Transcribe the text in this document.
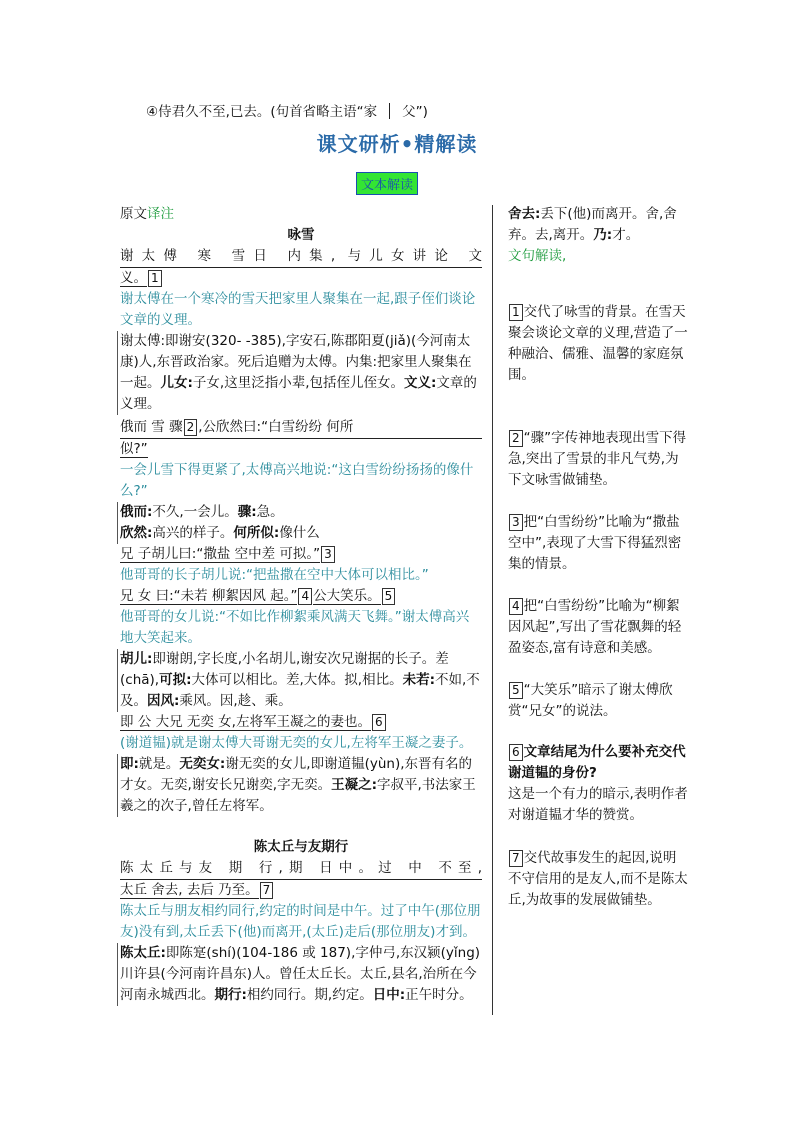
④侍君久不至,已去。(句首省略主语“家 父”)
课文研析•精解读
文本解读
原文译注
咏雪
谢太傅 寒 雪日 内集, 与儿女讲论 文
义。 1
谢太傅在一个寒冷的雪天把家里人聚集在一起,跟子侄们谈论文章的义理。
谢太傅:即谢安(320- -385),字安石,陈郡阳夏(jiǎ)(今河南太康)人,东晋政治家。死后追赠为太傅。内集:把家里人聚集在一起。儿女:子女,这里泛指小辈,包括侄儿侄女。文义:文章的义理。
俄而 雪 骤 2 ,公欣然曰:“白雪纷纷 何所
似?”
一会儿雪下得更紧了,太傅高兴地说:“这白雪纷纷扬扬的像什么?”
俄而:不久,一会儿。骤:急。
欣然:高兴的样子。何所似:像什么
兄 子胡儿曰:“撒盐 空中差 可拟。” 3
他哥哥的长子胡儿说:“把盐撒在空中大体可以相比。”
兄 女 曰:“未若 柳絮因风 起。” 4 公大笑乐。 5
他哥哥的女儿说:“不如比作柳絮乘风满天飞舞。”谢太傅高兴地大笑起来。
胡儿:即谢朗,字长度,小名胡儿,谢安次兄谢据的长子。差(chā),可拟:大体可以相比。差,大体。拟,相比。未若:不如,不及。因风:乘风。因,趁、乘。
即 公 大兄 无奕 女,左将军王凝之的妻也。 6
(谢道韫)就是谢太傅大哥谢无奕的女儿,左将军王凝之妻子。
即:就是。无奕女:谢无奕的女儿,即谢道韫(yùn),东晋有名的才女。无奕,谢安长兄谢奕,字无奕。王凝之:字叔平,书法家王羲之的次子,曾任左将军。
陈太丘与友期行
陈太丘与友 期 行,期 日中。过 中 不至,
太丘 舍去, 去后 乃至。 7
陈太丘与朋友相约同行,约定的时间是中午。过了中午(那位朋友)没有到,太丘丢下(他)而离开,(太丘)走后(那位朋友)才到。
陈太丘:即陈寔(shí)(104-186 或 187),字仲弓,东汉颍(yǐng)川许县(今河南许昌东)人。曾任太丘长。太丘,县名,治所在今河南永城西北。期行:相约同行。期,约定。日中:正午时分。
舍去:丢下(他)而离开。舍,舍弃。去,离开。乃:才。
文句解读,
1 交代了咏雪的背景。在雪天聚会谈论文章的义理,营造了一种融洽、儒雅、温馨的家庭氛围。
2 “骤”字传神地表现出雪下得急,突出了雪景的非凡气势,为下文咏雪做铺垫。
3 把“白雪纷纷”比喻为“撒盐空中”,表现了大雪下得猛烈密集的情景。
4 把“白雪纷纷”比喻为“柳絮因风起”,写出了雪花飘舞的轻盈姿态,富有诗意和美感。
5 “大笑乐”暗示了谢太傅欣赏“兄女”的说法。
6 文章结尾为什么要补充交代谢道韫的身份?
这是一个有力的暗示,表明作者对谢道韫才华的赞赏。
7 交代故事发生的起因,说明不守信用的是友人,而不是陈太丘,为故事的发展做铺垫。
